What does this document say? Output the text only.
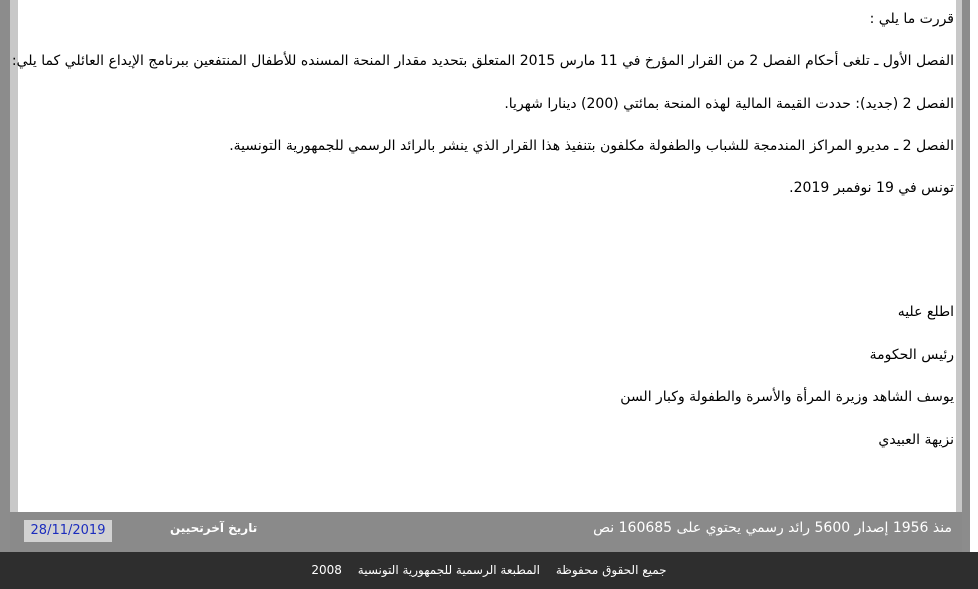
قررت ما يلي :
الفصل الأول ـ تلغى أحكام الفصل 2 من القرار المؤرخ في 11 مارس 2015 المتعلق بتحديد مقدار المنحة المسنده للأطفال المنتفعين ببرنامج الإيداع العائلي كما يلي:
الفصل 2 (جديد): حددت القيمة المالية لهذه المنحة بمائتي (200) دينارا شهريا.
الفصل 2 ـ مديرو المراكز المندمجة للشباب والطفولة مكلفون بتنفيذ هذا القرار الذي ينشر بالرائد الرسمي للجمهورية التونسية.
تونس في 19 نوفمبر 2019.
اطلع عليه
رئيس الحكومة
يوسف الشاهد وزيرة المرأة والأسرة والطفولة وكبار السن
نزيهة العبيدي
28/11/2019	تاريخ آخرتحيين	منذ 1956 إصدار 5600 رائد رسمي يحتوي على 160685 نص
جميع الحقوق محفوظة المطبعة الرسمية للجمهورية التونسية 2008
